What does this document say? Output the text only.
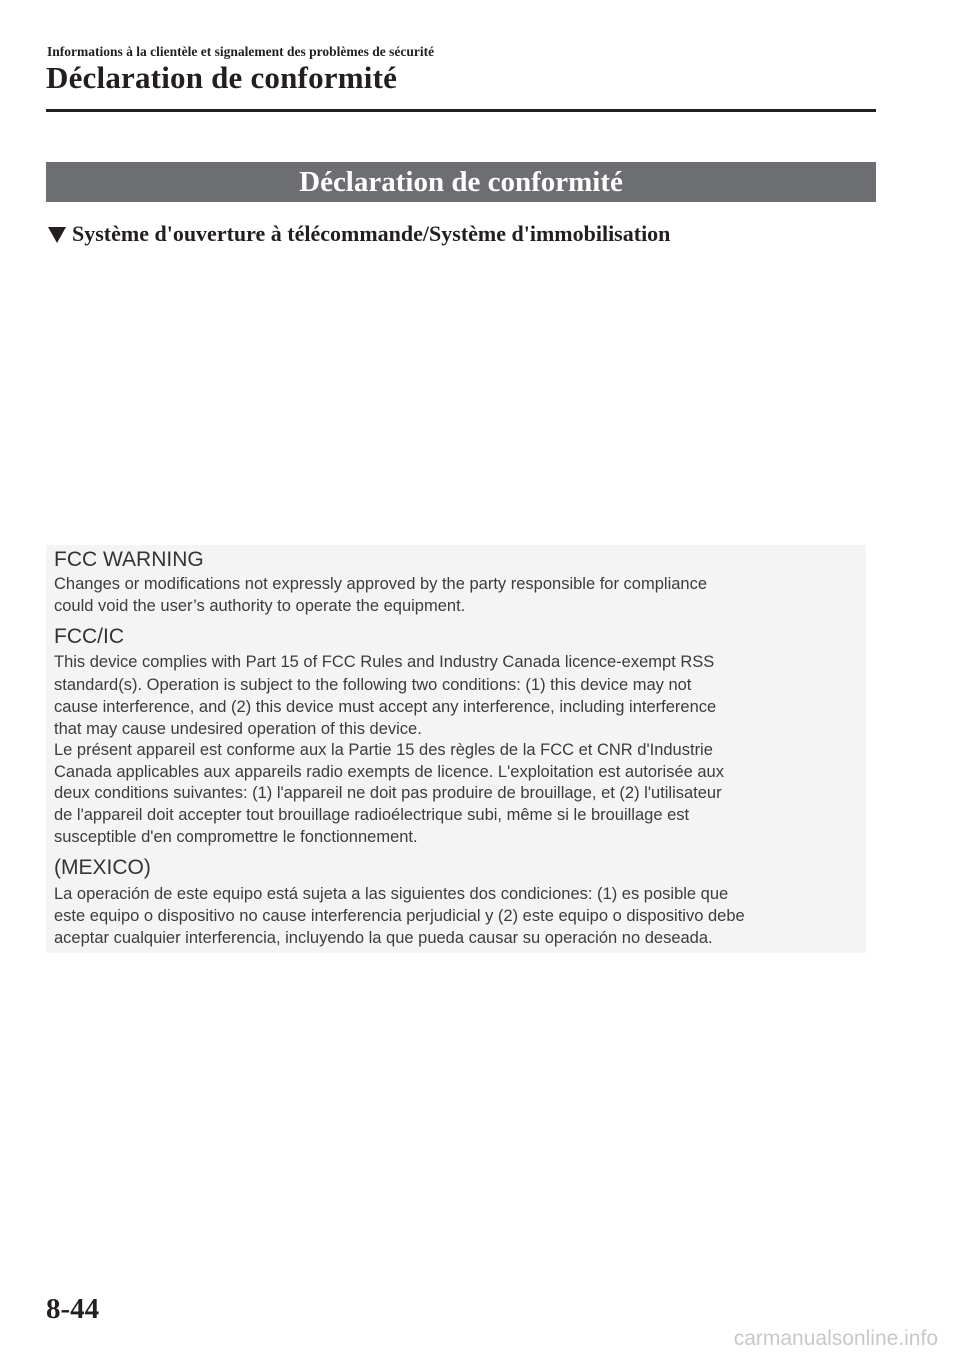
Informations à la clientèle et signalement des problèmes de sécurité
Déclaration de conformité
Déclaration de conformité
Système d'ouverture à télécommande/Système d'immobilisation
FCC WARNING
Changes or modifications not expressly approved by the party responsible for compliance
could void the user’s authority to operate the equipment.
FCC/IC
This device complies with Part 15 of FCC Rules and Industry Canada licence-exempt RSS
standard(s). Operation is subject to the following two conditions: (1) this device may not
cause interference, and (2) this device must accept any interference, including interference
that may cause undesired operation of this device.
Le présent appareil est conforme aux la Partie 15 des règles de la FCC et CNR d'Industrie
Canada applicables aux appareils radio exempts de licence. L'exploitation est autorisée aux
deux conditions suivantes: (1) l'appareil ne doit pas produire de brouillage, et (2) l'utilisateur
de l'appareil doit accepter tout brouillage radioélectrique subi, même si le brouillage est
susceptible d'en compromettre le fonctionnement.
(MEXICO)
La operación de este equipo está sujeta a las siguientes dos condiciones: (1) es posible que
este equipo o dispositivo no cause interferencia perjudicial y (2) este equipo o dispositivo debe
aceptar cualquier interferencia, incluyendo la que pueda causar su operación no deseada.
8-44
carmanualsonline.info
